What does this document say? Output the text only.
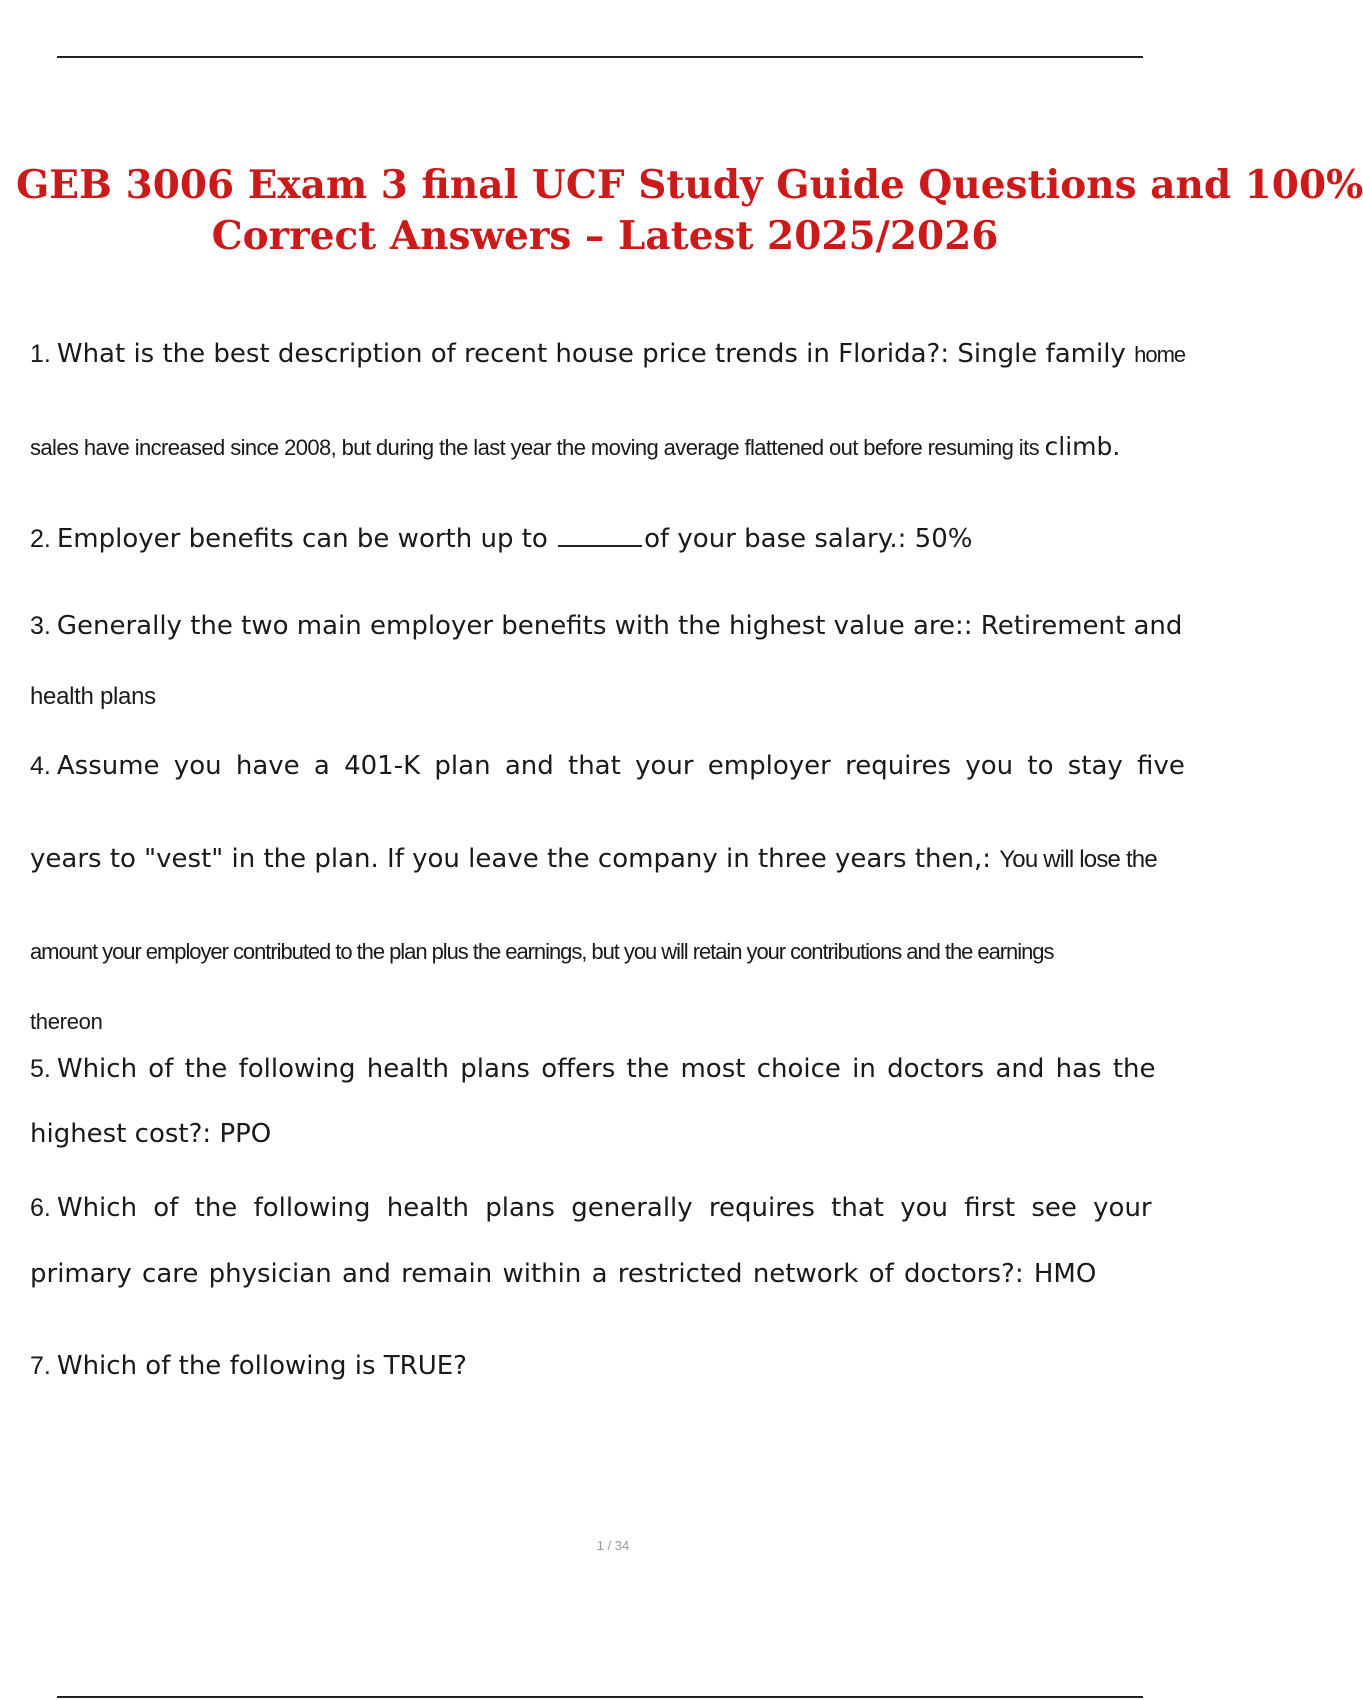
GEB 3006 Exam 3 final UCF Study Guide Questions and 100%
Correct Answers – Latest 2025/2026
1. What is the best description of recent house price trends in Florida?: Single family home
sales have increased since 2008, but during the last year the moving average flattened out before resuming its climb.
2. Employer benefits can be worth up to	of your base salary.: 50%
3. Generally the two main employer benefits with the highest value are:: Retirement and
health plans
4. Assume you have a 401-K plan and that your employer requires you to stay five
years to "vest" in the plan. If you leave the company in three years then,: You will lose the
amount your employer contributed to the plan plus the earnings, but you will retain your contributions and the earnings
thereon
5. Which of the following health plans offers the most choice in doctors and has the
highest cost?: PPO
6. Which of the following health plans generally requires that you first see your
primary care physician and remain within a restricted network of doctors?: HMO
7. Which of the following is TRUE?
1 / 34
